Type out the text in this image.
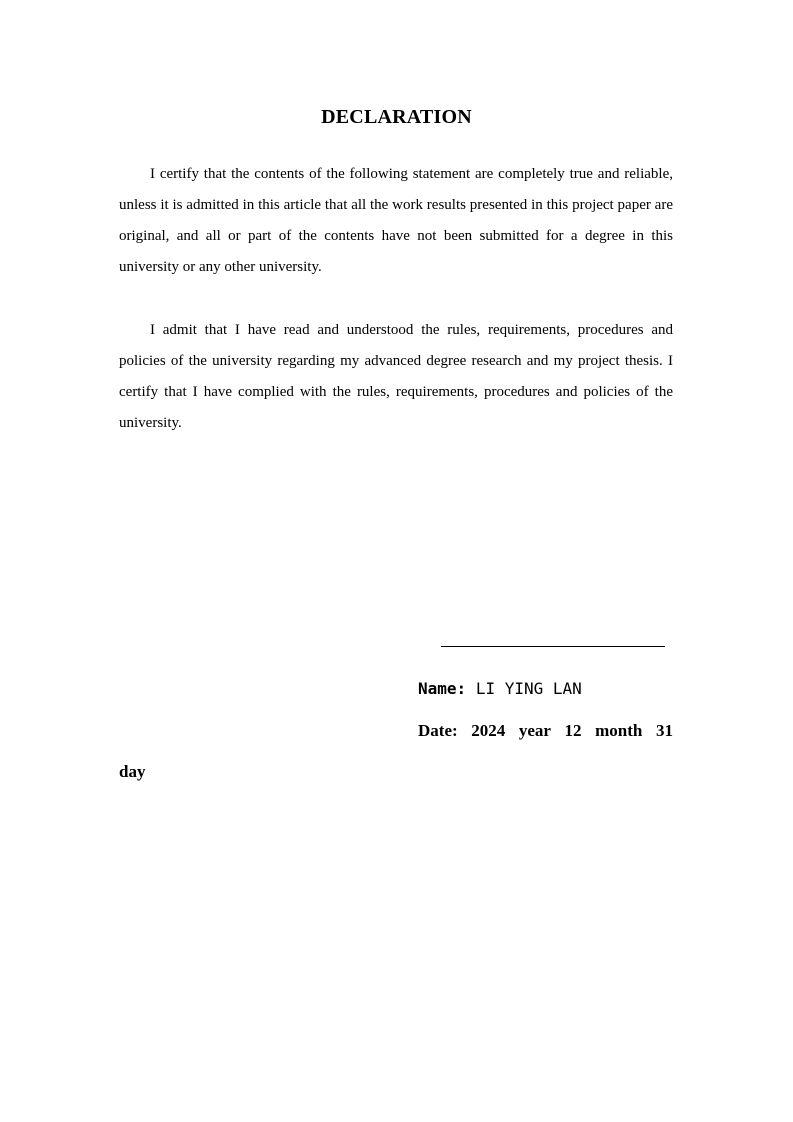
DECLARATION

I certify that the contents of the following statement are completely true and reliable, unless it is admitted in this article that all the work results presented in this project paper are original, and all or part of the contents have not been submitted for a degree in this university or any other university.

I admit that I have read and understood the rules, requirements, procedures and policies of the university regarding my advanced degree research and my project thesis. I certify that I have complied with the rules, requirements, procedures and policies of the university.

Name: LI YING LAN

Date: 2024 year 12 month 31

day
